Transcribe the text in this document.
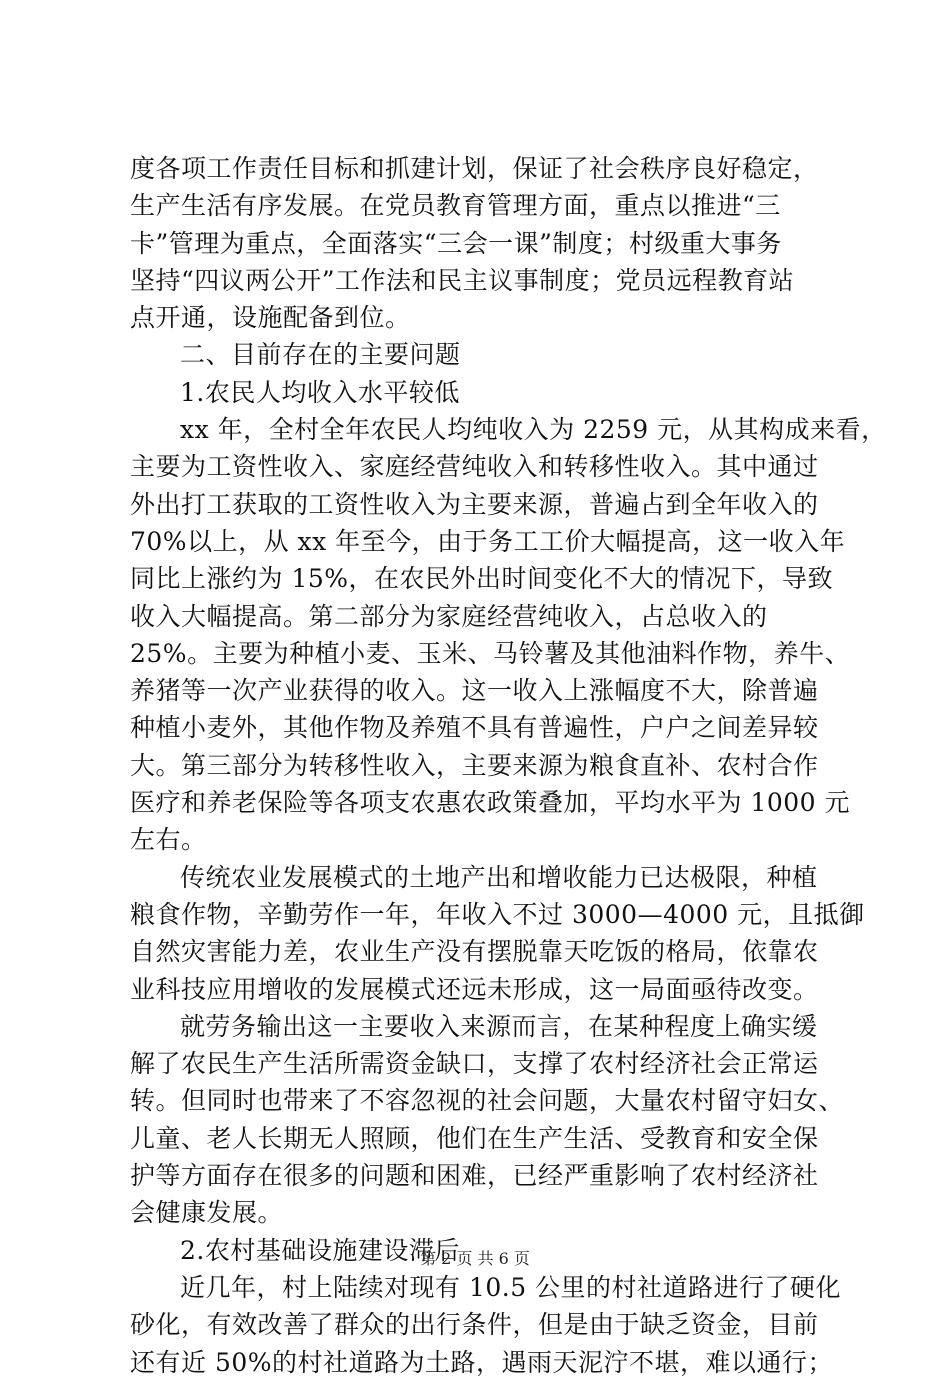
度各项工作责任目标和抓建计划，保证了社会秩序良好稳定，
生产生活有序发展。在党员教育管理方面，重点以推进“三
卡”管理为重点，全面落实“三会一课”制度；村级重大事务
坚持“四议两公开”工作法和民主议事制度；党员远程教育站
点开通，设施配备到位。
二、目前存在的主要问题
1.农民人均收入水平较低
xx 年，全村全年农民人均纯收入为 2259 元，从其构成来看，
主要为工资性收入、家庭经营纯收入和转移性收入。其中通过
外出打工获取的工资性收入为主要来源，普遍占到全年收入的
70%以上，从 xx 年至今，由于务工工价大幅提高，这一收入年
同比上涨约为 15%，在农民外出时间变化不大的情况下，导致
收入大幅提高。第二部分为家庭经营纯收入，占总收入的
25%。主要为种植小麦、玉米、马铃薯及其他油料作物，养牛、
养猪等一次产业获得的收入。这一收入上涨幅度不大，除普遍
种植小麦外，其他作物及养殖不具有普遍性，户户之间差异较
大。第三部分为转移性收入，主要来源为粮食直补、农村合作
医疗和养老保险等各项支农惠农政策叠加，平均水平为 1000 元
左右。
传统农业发展模式的土地产出和增收能力已达极限，种植
粮食作物，辛勤劳作一年，年收入不过 3000—4000 元，且抵御
自然灾害能力差，农业生产没有摆脱靠天吃饭的格局，依靠农
业科技应用增收的发展模式还远未形成，这一局面亟待改变。
就劳务输出这一主要收入来源而言，在某种程度上确实缓
解了农民生产生活所需资金缺口，支撑了农村经济社会正常运
转。但同时也带来了不容忽视的社会问题，大量农村留守妇女、
儿童、老人长期无人照顾，他们在生产生活、受教育和安全保
护等方面存在很多的问题和困难，已经严重影响了农村经济社
会健康发展。
2.农村基础设施建设滞后
近几年，村上陆续对现有 10.5 公里的村社道路进行了硬化
砂化，有效改善了群众的出行条件，但是由于缺乏资金，目前
还有近 50%的村社道路为土路，遇雨天泥泞不堪，难以通行；
第 2 页 共 6 页
